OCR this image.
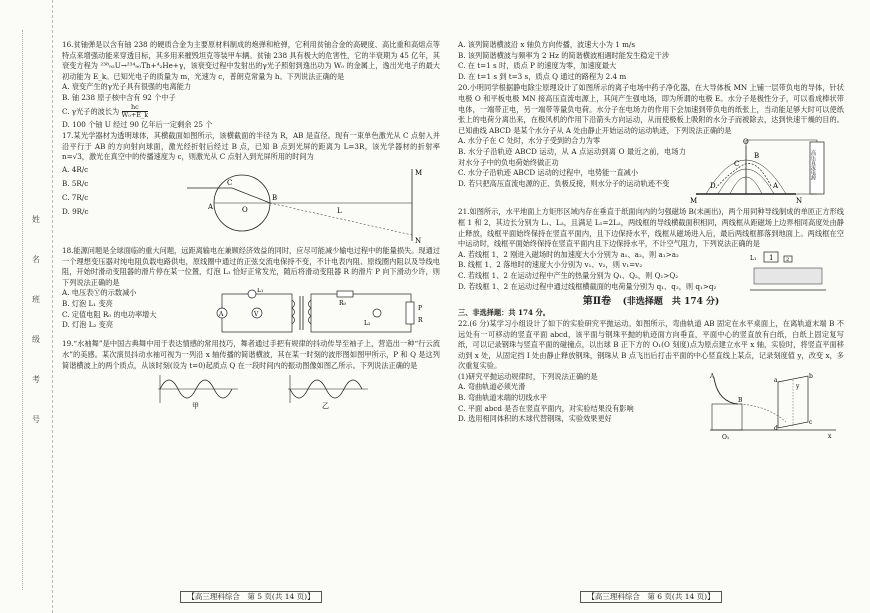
姓
名
班
级
考
号

16.贫铀弹是以含有铀 238 的硬质合金为主要原材料制成的炮弹和枪弹，它利用贫铀合金的高硬度、高比重和高熔点等特点来增强动能来穿透目标，其多用来摧毁坦克等装甲车辆。贫铀 238 具有极大的危害性，它的半衰期为 45 亿年，其衰变方程为 ²³⁸₉₂U→²³⁴₉₀Th+⁴₂He+γ，该衰变过程中发射出的γ光子照射到逸出功为 W₀ 的金属上，逸出光电子的最大初动能为 E_k。已知光电子的质量为 m，光速为 c，普朗克常量为 h。下列说法正确的是

A. 衰变产生的γ光子具有很强的电离能力

B. 铀 238 原子核中含有 92 个中子

C. γ光子的波长为 $\frac{hc}{\text{W₀+E\_k}}$

D. 100 个铀 U 经过 90 亿年后一定剩余 25 个

17.某光学器材为透明球体，其横截面如图所示，该横截面的半径为 R，AB 是直径。现有一束单色激光从 C 点射入并沿平行于 AB 的方向射向球面，激光经折射后经过 B 点，已知 B 点到光屏的距离为 L=3R，该光学器材的折射率 n=√3，激光在真空中的传播速度为 c，则激光从 C 点射入到光屏所用的时间为

A. 4R/c

B. 5R/c

C. 7R/c

D. 9R/c	A
B
C
O	L
M
N

18.能源问题是全球面临的重大问题，远距离输电在兼顾经济效益的同时，应尽可能减少输电过程中的能量损失。现通过一个理想变压器对纯电阻负载电路供电，原线圈中通过的正弦交流电保持不变，不计电表内阻、原线圈内阻以及导线电阻，开始时滑动变阻器的滑片停在某一位置，灯泡 L₁ 恰好正常发光，随后将滑动变阻器 R 的滑片 P 向下滑动少许，则下列说法正确的是

A. 电压表Ⓥ的示数减小

B. 灯泡 L₁ 变亮

C. 定值电阻 R₀ 的电功率增大

D. 灯泡 L₂ 变亮

A	V
L₁
R₀
L₂
P
R

19.“水袖舞”是中国古典舞中用于表达情感的常用技巧，舞者通过手把有规律的抖动传导至袖子上，营造出一种“行云流水”的美感。某次演员抖动水袖可视为一列沿 x 轴传播的简谐横波，其在某一时刻的波形图如图甲所示，P 和 Q 是这列简谐横波上的两个质点，从该时刻(设为 t=0)起质点 Q 在一段时间内的振动图像如图乙所示。下列说法正确的是

甲	乙
【高三理科综合　第 5 页(共 14 页)】

A. 该列简谐横波沿 x 轴负方向传播，波速大小为 1 m/s

B. 该列简谐横波与频率为 2 Hz 的简谐横波相遇时能发生稳定干涉

C. 在 t=1 s 时，质点 P 的速度为零，加速度最大

D. 在 t=1 s 到 t=3 s，质点 Q 通过的路程为 2.4 m

20.小明同学根据静电除尘原理设计了如图所示的离子电场中药子净化器，在大导体板 MN 上铺一层带负电的导体，针状电极 O 和平板电极 MN 接高压直流电源上，其间产生强电场，即为所谓的电极 E。水分子是极性分子，可以看成棒状带电体，一端带正电，另一端带等量负电荷。水分子在电场力的作用下会加速到带负电的纸张上，当动能足够大时可以使纸张上的电荷分离出来，在极风机的作用下沿箭头方向运动，从而使极板上吸附的水分子而被除去，达到快速干燥的目的。已知曲线 ABCD 是某个水分子从 A 处由静止开始运动的运动轨迹，下列说法正确的是

A. 水分子在 C 处时，水分子受到的合力为零

B. 水分子沿轨迹 ABCD 运动，从 A 点运动到离 O 最近之前，电场力对水分子中的负电荷始终做正功

C. 水分子沿轨迹 ABCD 运动的过程中，电势能一直减小

D. 若只把高压直流电源的正、负极反接，则水分子的运动轨迹不变

O
A
B
C
D
M	N
高压直流电源

21.如图所示，水平地面上方矩形区域内存在垂直于纸面向内的匀强磁场 B(未画出)，两个用同种导线制成的单匝正方形线框 1 和 2，其边长分别为 L₁、L₂，且满足 L₁=2L₂，两线框的导线横截面积相同，两线框从距磁场上边界相同高度处由静止释放，线框平面始终保持在竖直平面内，且下边保持水平，线框从磁场进入后，最后两线框都落到地面上。两线框在空中运动时，线框平面始终保持在竖直平面内且下边保持水平，不计空气阻力，下列说法正确的是

A. 若线框 1、2 刚进入磁场时的加速度大小分别为 a₁、a₂，则 a₁>a₂

B. 线框 1、2 落地时的速度大小分别为 v₁、v₂，则 v₁=v₂

C. 若线框 1、2 在运动过程中产生的热量分别为 Q₁、Q₂，则 Q₁>Q₂

D. 若线框 1、2 在运动过程中通过线框横截面的电荷量分别为 q₁、q₂，则 q₁>q₂

1	2
L₁
第Ⅱ卷 (非选择题　共 174 分)

三、非选择题：共 174 分。

22.(6 分)某学习小组设计了如下的实验研究平抛运动。如图所示，弯曲轨道 AB 固定在水平桌面上，在离轨道末端 B 不远处有一可移动的竖直平面 abcd，该平面与钢珠平抛的轨迹面方向垂直，平面中心的竖直放有白纸，白纸上固定复写纸，可以记录钢珠与竖直平面的碰撞点，以出球 B 正下方的 O₁(O 刻度)点为原点建立水平 x 轴，实验时，将竖直平面移动到 x 处，从固定挡 I 处由静止释放钢珠，钢珠从 B 点飞出后打击平面的中心竖直线上某点，记录刻度值 y，改变 x，多次重复实验。

(1)研究平抛运动规律时，下列说法正确的是

A. 弯曲轨道必须光滑

B. 弯曲轨道末端的切线水平

C. 平面 abcd 是否在竖直平面内，对实验结果没有影响

D. 选用相同体积的木球代替钢珠，实验效果更好

A
B
a
b
c
d
y
O₁	x
【高三理科综合　第 6 页(共 14 页)】
